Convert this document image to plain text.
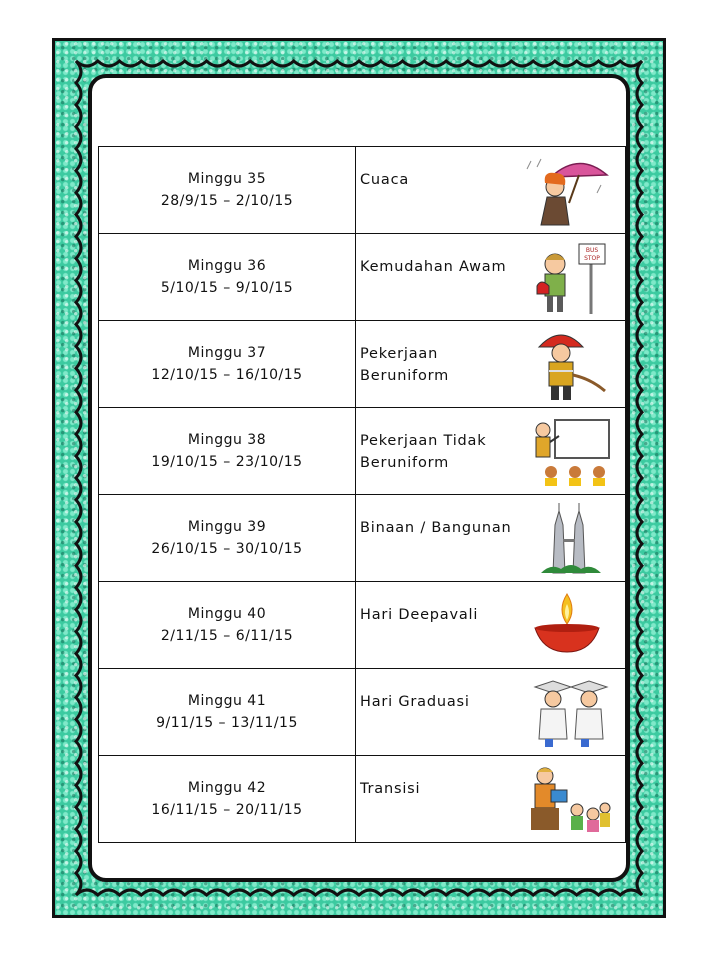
Minggu 35
28/9/15 – 2/10/15	Cuaca

Minggu 36
5/10/15 – 9/10/15	Kemudahan Awam
BUS
STOP

Minggu 37
12/10/15 – 16/10/15	Pekerjaan
Beruniform

Minggu 38
19/10/15 – 23/10/15	Pekerjaan Tidak
Beruniform

Minggu 39
26/10/15 – 30/10/15	Binaan / Bangunan

Minggu 40
2/11/15 – 6/11/15	Hari Deepavali

Minggu 41
9/11/15 – 13/11/15	Hari Graduasi

Minggu 42
16/11/15 – 20/11/15	Transisi
